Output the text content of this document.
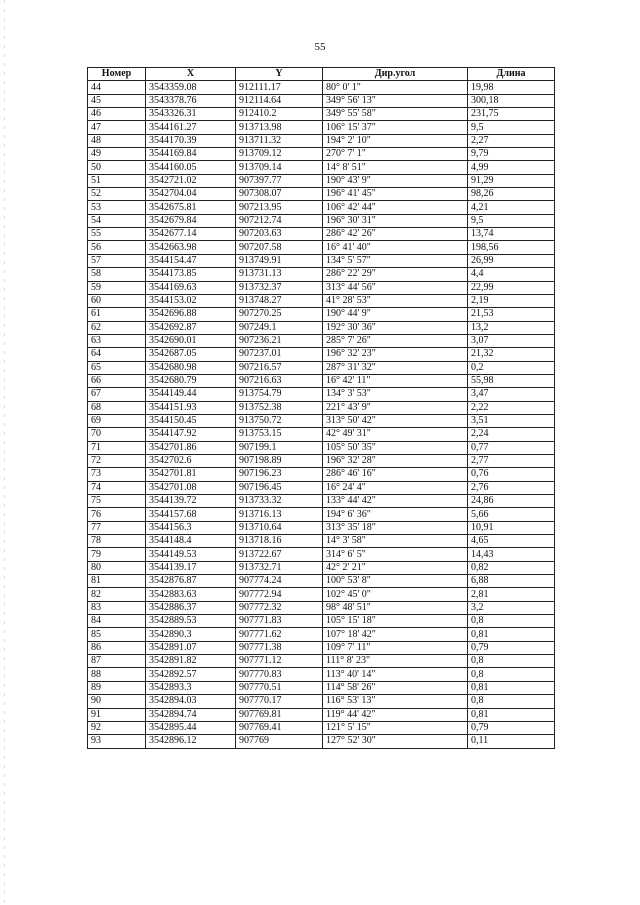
55
Номер	X	Y	Дир.угол	Длина
44	3543359.08	912111.17	80° 0' 1"	19,98
45	3543378.76	912114.64	349° 56' 13"	300,18
46	3543326.31	912410.2	349° 55' 58"	231,75
47	3544161.27	913713.98	106° 15' 37"	9,5
48	3544170.39	913711.32	194° 2' 10"	2,27
49	3544169.84	913709.12	270° 7' 1"	9,79
50	3544160.05	913709.14	14° 8' 51"	4,99
51	3542721.02	907397.77	190° 43' 9"	91,29
52	3542704.04	907308.07	196° 41' 45"	98,26
53	3542675.81	907213.95	106° 42' 44"	4,21
54	3542679.84	907212.74	196° 30' 31"	9,5
55	3542677.14	907203.63	286° 42' 26"	13,74
56	3542663.98	907207.58	16° 41' 40"	198,56
57	3544154.47	913749.91	134° 5' 57"	26,99
58	3544173.85	913731.13	286° 22' 29"	4,4
59	3544169.63	913732.37	313° 44' 56"	22,99
60	3544153.02	913748.27	41° 28' 53"	2,19
61	3542696.88	907270.25	190° 44' 9"	21,53
62	3542692.87	907249.1	192° 30' 36"	13,2
63	3542690.01	907236.21	285° 7' 26"	3,07
64	3542687.05	907237.01	196° 32' 23"	21,32
65	3542680.98	907216.57	287° 31' 32"	0,2
66	3542680.79	907216.63	16° 42' 11"	55,98
67	3544149.44	913754.79	134° 3' 53"	3,47
68	3544151.93	913752.38	221° 43' 9"	2,22
69	3544150.45	913750.72	313° 50' 42"	3,51
70	3544147.92	913753.15	42° 49' 31"	2,24
71	3542701.86	907199.1	105° 50' 35"	0,77
72	3542702.6	907198.89	196° 32' 28"	2,77
73	3542701.81	907196.23	286° 46' 16"	0,76
74	3542701.08	907196.45	16° 24' 4"	2,76
75	3544139.72	913733.32	133° 44' 42"	24,86
76	3544157.68	913716.13	194° 6' 36"	5,66
77	3544156.3	913710.64	313° 35' 18"	10,91
78	3544148.4	913718.16	14° 3' 58"	4,65
79	3544149.53	913722.67	314° 6' 5"	14,43
80	3544139.17	913732.71	42° 2' 21"	0,82
81	3542876.87	907774.24	100° 53' 8"	6,88
82	3542883.63	907772.94	102° 45' 0"	2,81
83	3542886.37	907772.32	98° 48' 51"	3,2
84	3542889.53	907771.83	105° 15' 18"	0,8
85	3542890.3	907771.62	107° 18' 42"	0,81
86	3542891.07	907771.38	109° 7' 11"	0,79
87	3542891.82	907771.12	111° 8' 23"	0,8
88	3542892.57	907770.83	113° 40' 14"	0,8
89	3542893.3	907770.51	114° 58' 26"	0,81
90	3542894.03	907770.17	116° 53' 13"	0,8
91	3542894.74	907769.81	119° 44' 42"	0,81
92	3542895.44	907769.41	121° 5' 15"	0,79
93	3542896.12	907769	127° 52' 30"	0,11
